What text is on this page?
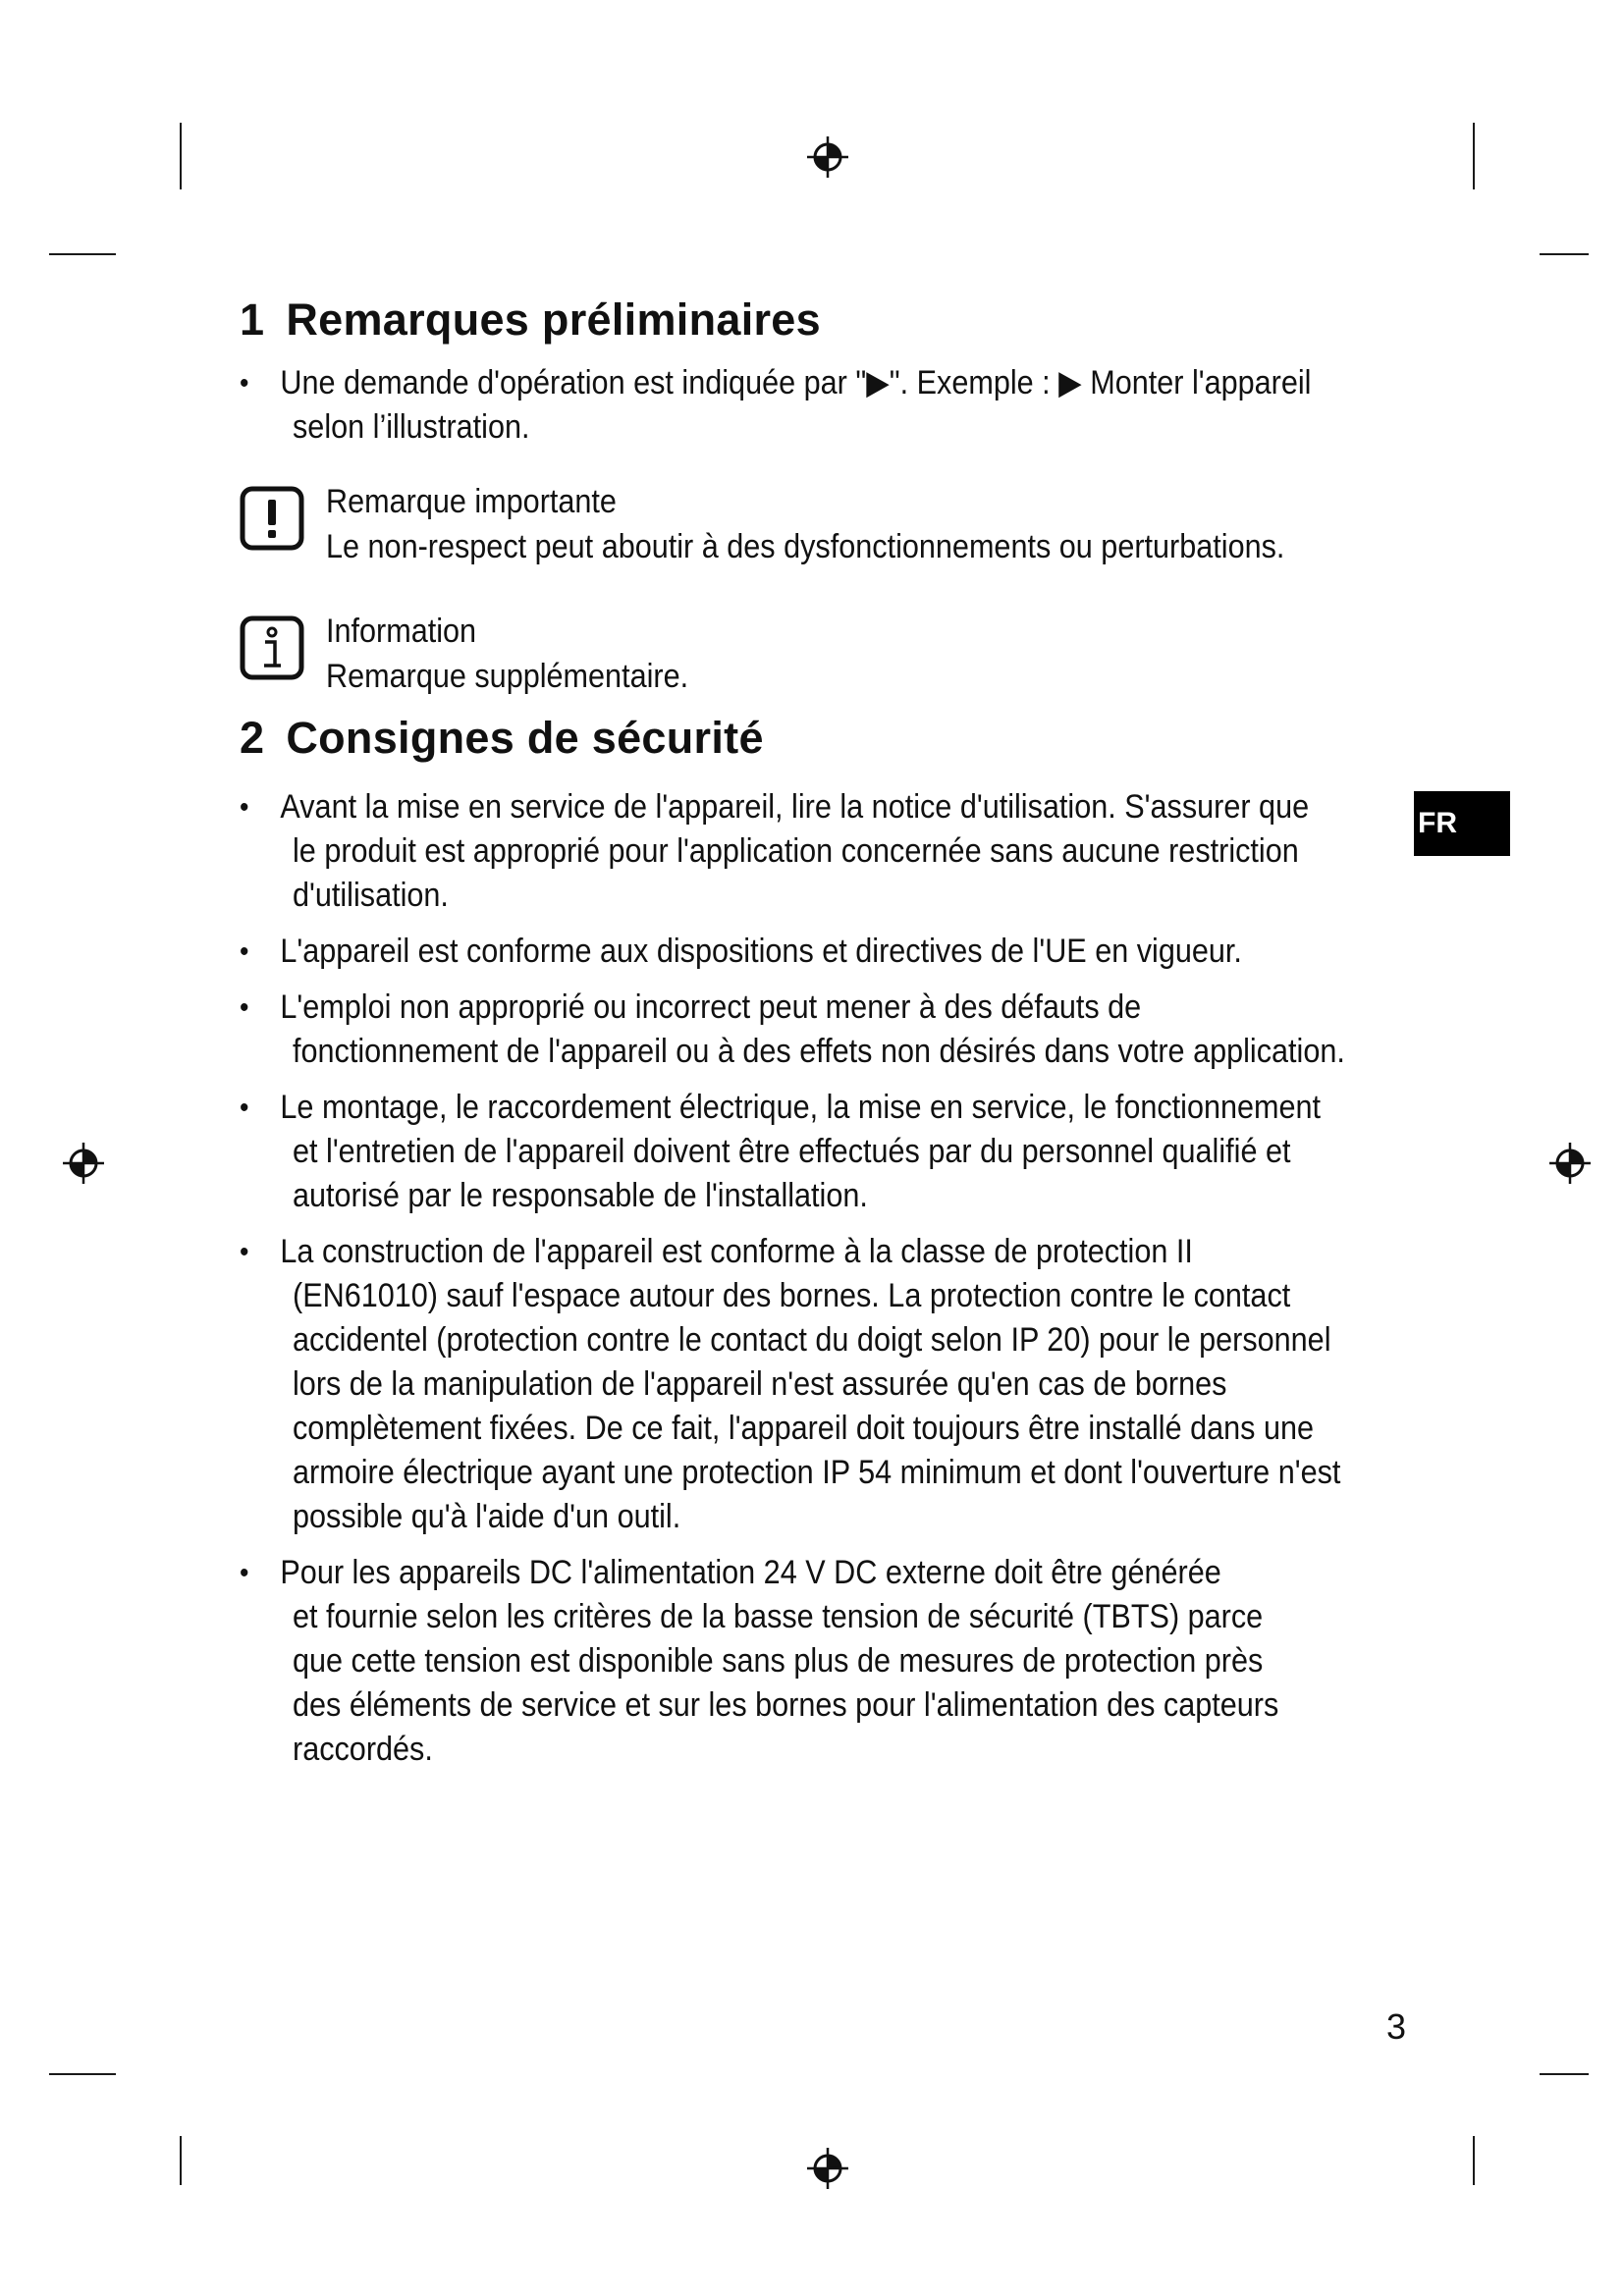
1 Remarques préliminaires
• Une demande d'opération est indiquée par "▶". Exemple : ▶ Monter l'appareil
selon l’illustration.
Remarque importante
Le non-respect peut aboutir à des dysfonctionnements ou perturbations.
Information
Remarque supplémentaire.
2 Consignes de sécurité
• Avant la mise en service de l'appareil, lire la notice d'utilisation. S'assurer que
le produit est approprié pour l'application concernée sans aucune restriction
d'utilisation.
• L'appareil est conforme aux dispositions et directives de l'UE en vigueur.
• L'emploi non approprié ou incorrect peut mener à des défauts de
fonctionnement de l'appareil ou à des effets non désirés dans votre application.
• Le montage, le raccordement électrique, la mise en service, le fonctionnement
et l'entretien de l'appareil doivent être effectués par du personnel qualifié et
autorisé par le responsable de l'installation.
• La construction de l'appareil est conforme à la classe de protection II
(EN61010) sauf l'espace autour des bornes. La protection contre le contact
accidentel (protection contre le contact du doigt selon IP 20) pour le personnel
lors de la manipulation de l'appareil n'est assurée qu'en cas de bornes
complètement fixées. De ce fait, l'appareil doit toujours être installé dans une
armoire électrique ayant une protection IP 54 minimum et dont l'ouverture n'est
possible qu'à l'aide d'un outil.
• Pour les appareils DC l'alimentation 24 V DC externe doit être générée
et fournie selon les critères de la basse tension de sécurité (TBTS) parce
que cette tension est disponible sans plus de mesures de protection près
des éléments de service et sur les bornes pour l'alimentation des capteurs
raccordés.
FR
3
